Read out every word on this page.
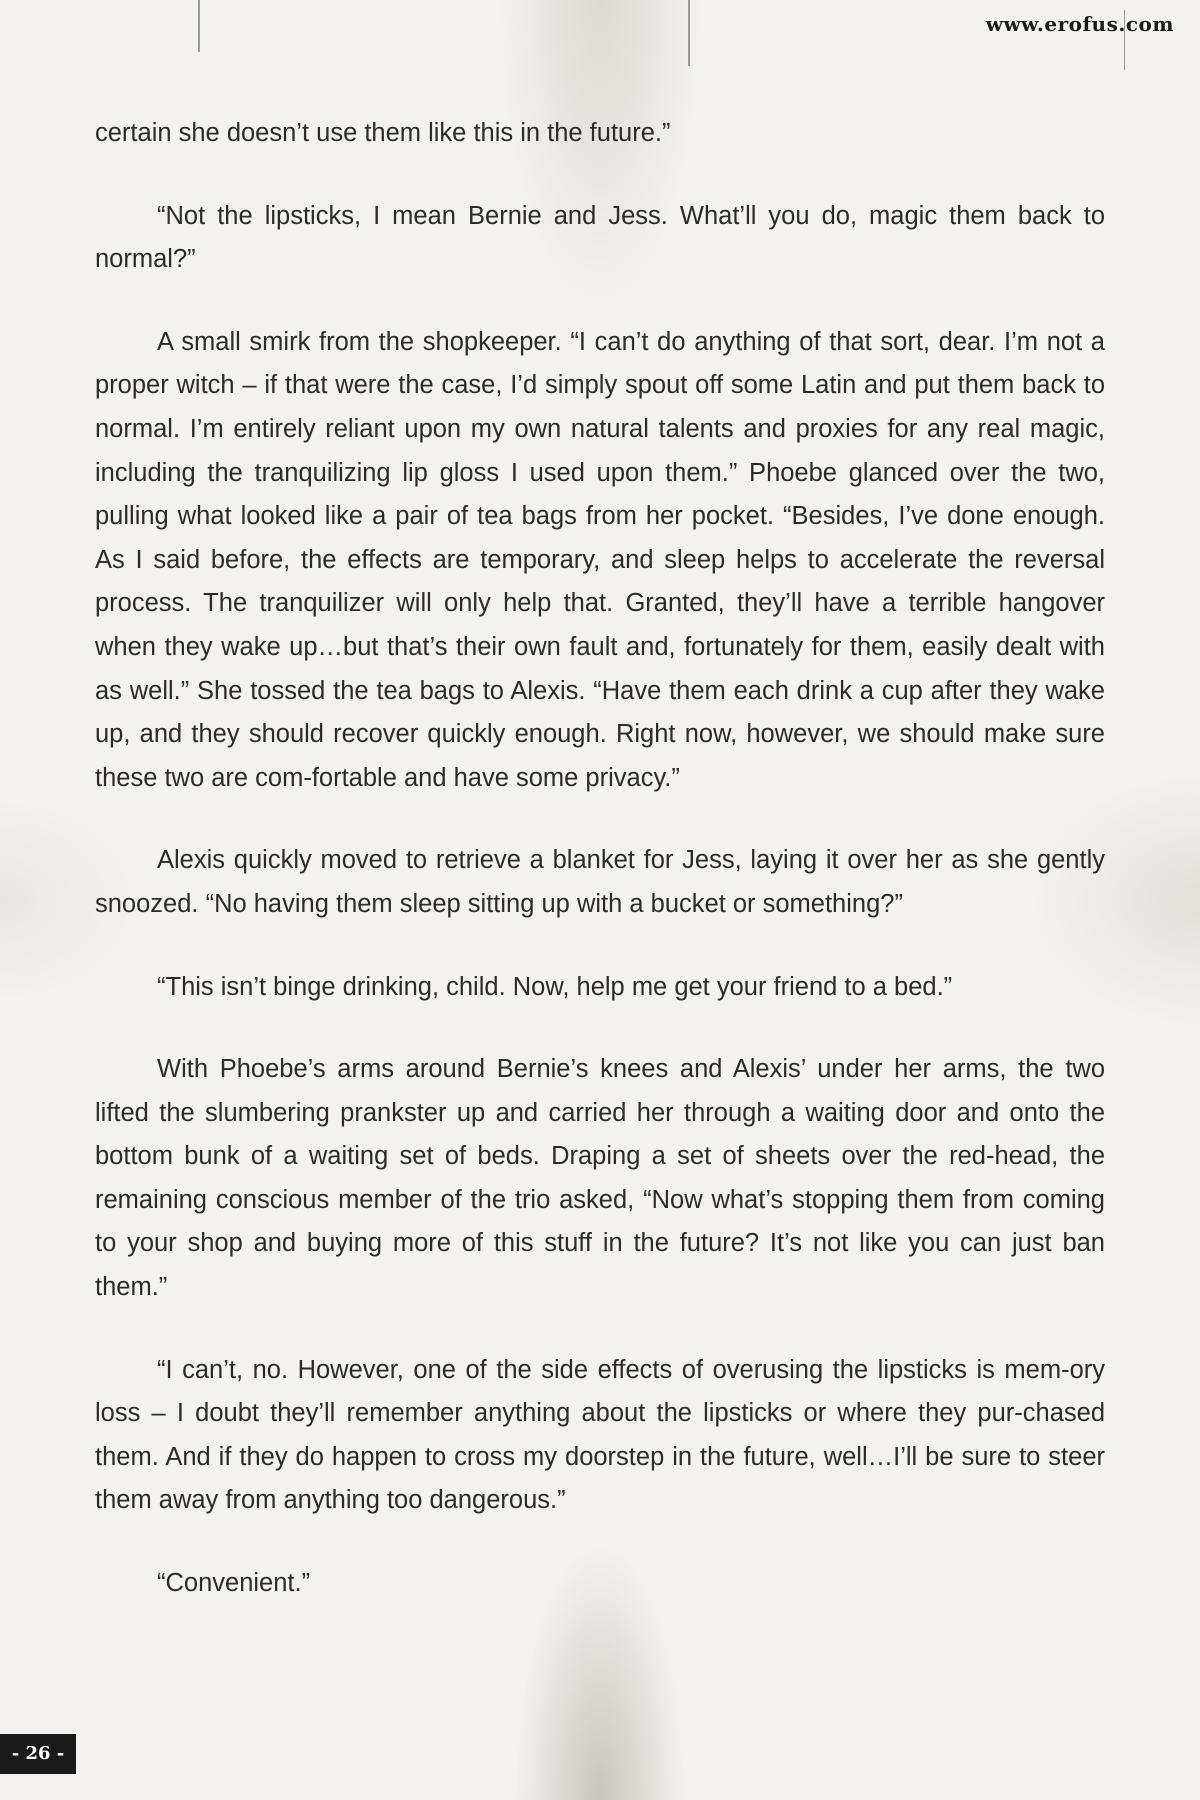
www.erofus.com

certain she doesn’t use them like this in the future.”

“Not the lipsticks, I mean Bernie and Jess. What’ll you do, magic them back to normal?”

A small smirk from the shopkeeper. “I can’t do anything of that sort, dear. I’m not a proper witch – if that were the case, I’d simply spout off some Latin and put them back to normal. I’m entirely reliant upon my own natural talents and proxies for any real magic, including the tranquilizing lip gloss I used upon them.” Phoebe glanced over the two, pulling what looked like a pair of tea bags from her pocket. “Besides, I’ve done enough. As I said before, the effects are temporary, and sleep helps to accelerate the reversal process. The tranquilizer will only help that. Granted, they’ll have a terrible hangover when they wake up…but that’s their own fault and, fortunately for them, easily dealt with as well.” She tossed the tea bags to Alexis. “Have them each drink a cup after they wake up, and they should recover quickly enough. Right now, however, we should make sure these two are com-fortable and have some privacy.”

Alexis quickly moved to retrieve a blanket for Jess, laying it over her as she gently snoozed. “No having them sleep sitting up with a bucket or something?”

“This isn’t binge drinking, child. Now, help me get your friend to a bed.”

With Phoebe’s arms around Bernie’s knees and Alexis’ under her arms, the two lifted the slumbering prankster up and carried her through a waiting door and onto the bottom bunk of a waiting set of beds. Draping a set of sheets over the red-head, the remaining conscious member of the trio asked, “Now what’s stopping them from coming to your shop and buying more of this stuff in the future? It’s not like you can just ban them.”

“I can’t, no. However, one of the side effects of overusing the lipsticks is mem-ory loss – I doubt they’ll remember anything about the lipsticks or where they pur-chased them. And if they do happen to cross my doorstep in the future, well…I’ll be sure to steer them away from anything too dangerous.”

“Convenient.”

- 26 -
